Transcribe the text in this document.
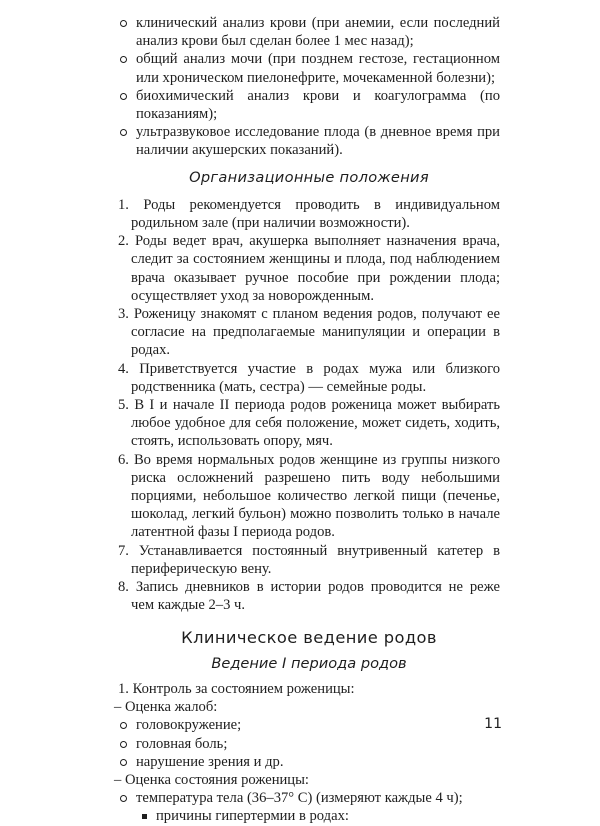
клинический анализ крови (при анемии, если последний анализ крови был сделан более 1 мес назад);
общий анализ мочи (при позднем гестозе, гестационном или хроническом пиелонефрите, мочекаменной болезни);
биохимический анализ крови и коагулограмма (по показаниям);
ультразвуковое исследование плода (в дневное время при наличии акушерских показаний).
Организационные положения
1. Роды рекомендуется проводить в индивидуальном родильном зале (при наличии возможности).
2. Роды ведет врач, акушерка выполняет назначения врача, следит за состоянием женщины и плода, под наблюдением врача оказывает ручное пособие при рождении плода; осуществляет уход за новорожденным.
3. Роженицу знакомят с планом ведения родов, получают ее согласие на предполагаемые манипуляции и операции в родах.
4. Приветствуется участие в родах мужа или близкого родственника (мать, сестра) — семейные роды.
5. В I и начале II периода родов роженица может выбирать любое удобное для себя положение, может сидеть, ходить, стоять, использовать опору, мяч.
6. Во время нормальных родов женщине из группы низкого риска осложнений разрешено пить воду небольшими порциями, небольшое количество легкой пищи (печенье, шоколад, легкий бульон) можно позволить только в начале латентной фазы I периода родов.
7. Устанавливается постоянный внутривенный катетер в периферическую вену.
8. Запись дневников в истории родов проводится не реже чем каждые 2–3 ч.
Клиническое ведение родов
Ведение I периода родов
1. Контроль за состоянием роженицы:
– Оценка жалоб:
головокружение;
головная боль;
нарушение зрения и др.
– Оценка состояния роженицы:
температура тела (36–37° С) (измеряют каждые 4 ч);
причины гипертермии в родах:
11
